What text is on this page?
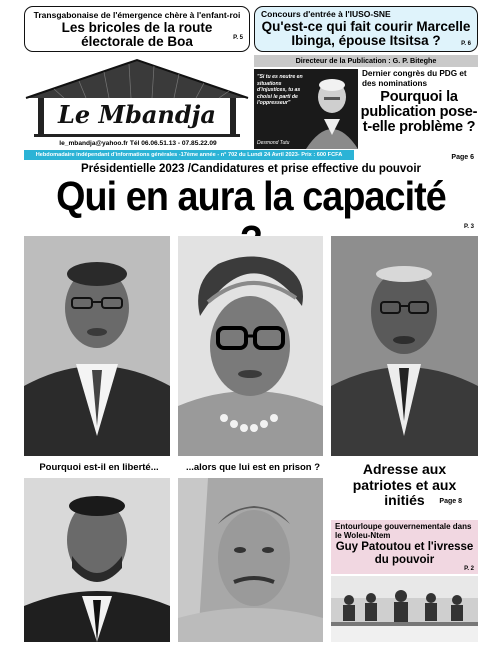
Transgabonaise de l'émergence chère à l'enfant-roi
Les bricoles de la route électorale de Boa	P. 5
Concours d'entrée à l'IUSO-SNE
Qu'est-ce qui fait courir Marcelle Ibinga, épouse Itsitsa ?	P. 6
Le Mbandja
le_mbandja@yahoo.fr Tél 06.06.51.13 - 07.85.22.09
Directeur de la Publication : G. P. Biteghe
"Si tu es neutre en situations d'injustices, tu as choisi le parti de l'oppresseur"
Desmond Tutu
Dernier congrès du PDG et des nominations
Pourquoi la publication pose-t-elle problème ?
Page 6
Hebdomadaire indépendant d'informations générales -17ème année - n° 702 du Lundi 24 Avril 2023- Prix : 600 FCFA
Présidentielle 2023 /Candidatures et prise effective du pouvoir
Qui en aura la capacité
P. 3
Pourquoi est-il en liberté...	...alors que lui est en prison ?	Adresse aux patriotes et aux initiés	Page 8
Entourloupe gouvernementale dans le Woleu-Ntem
Guy Patoutou et l'ivresse du pouvoir
P. 2
